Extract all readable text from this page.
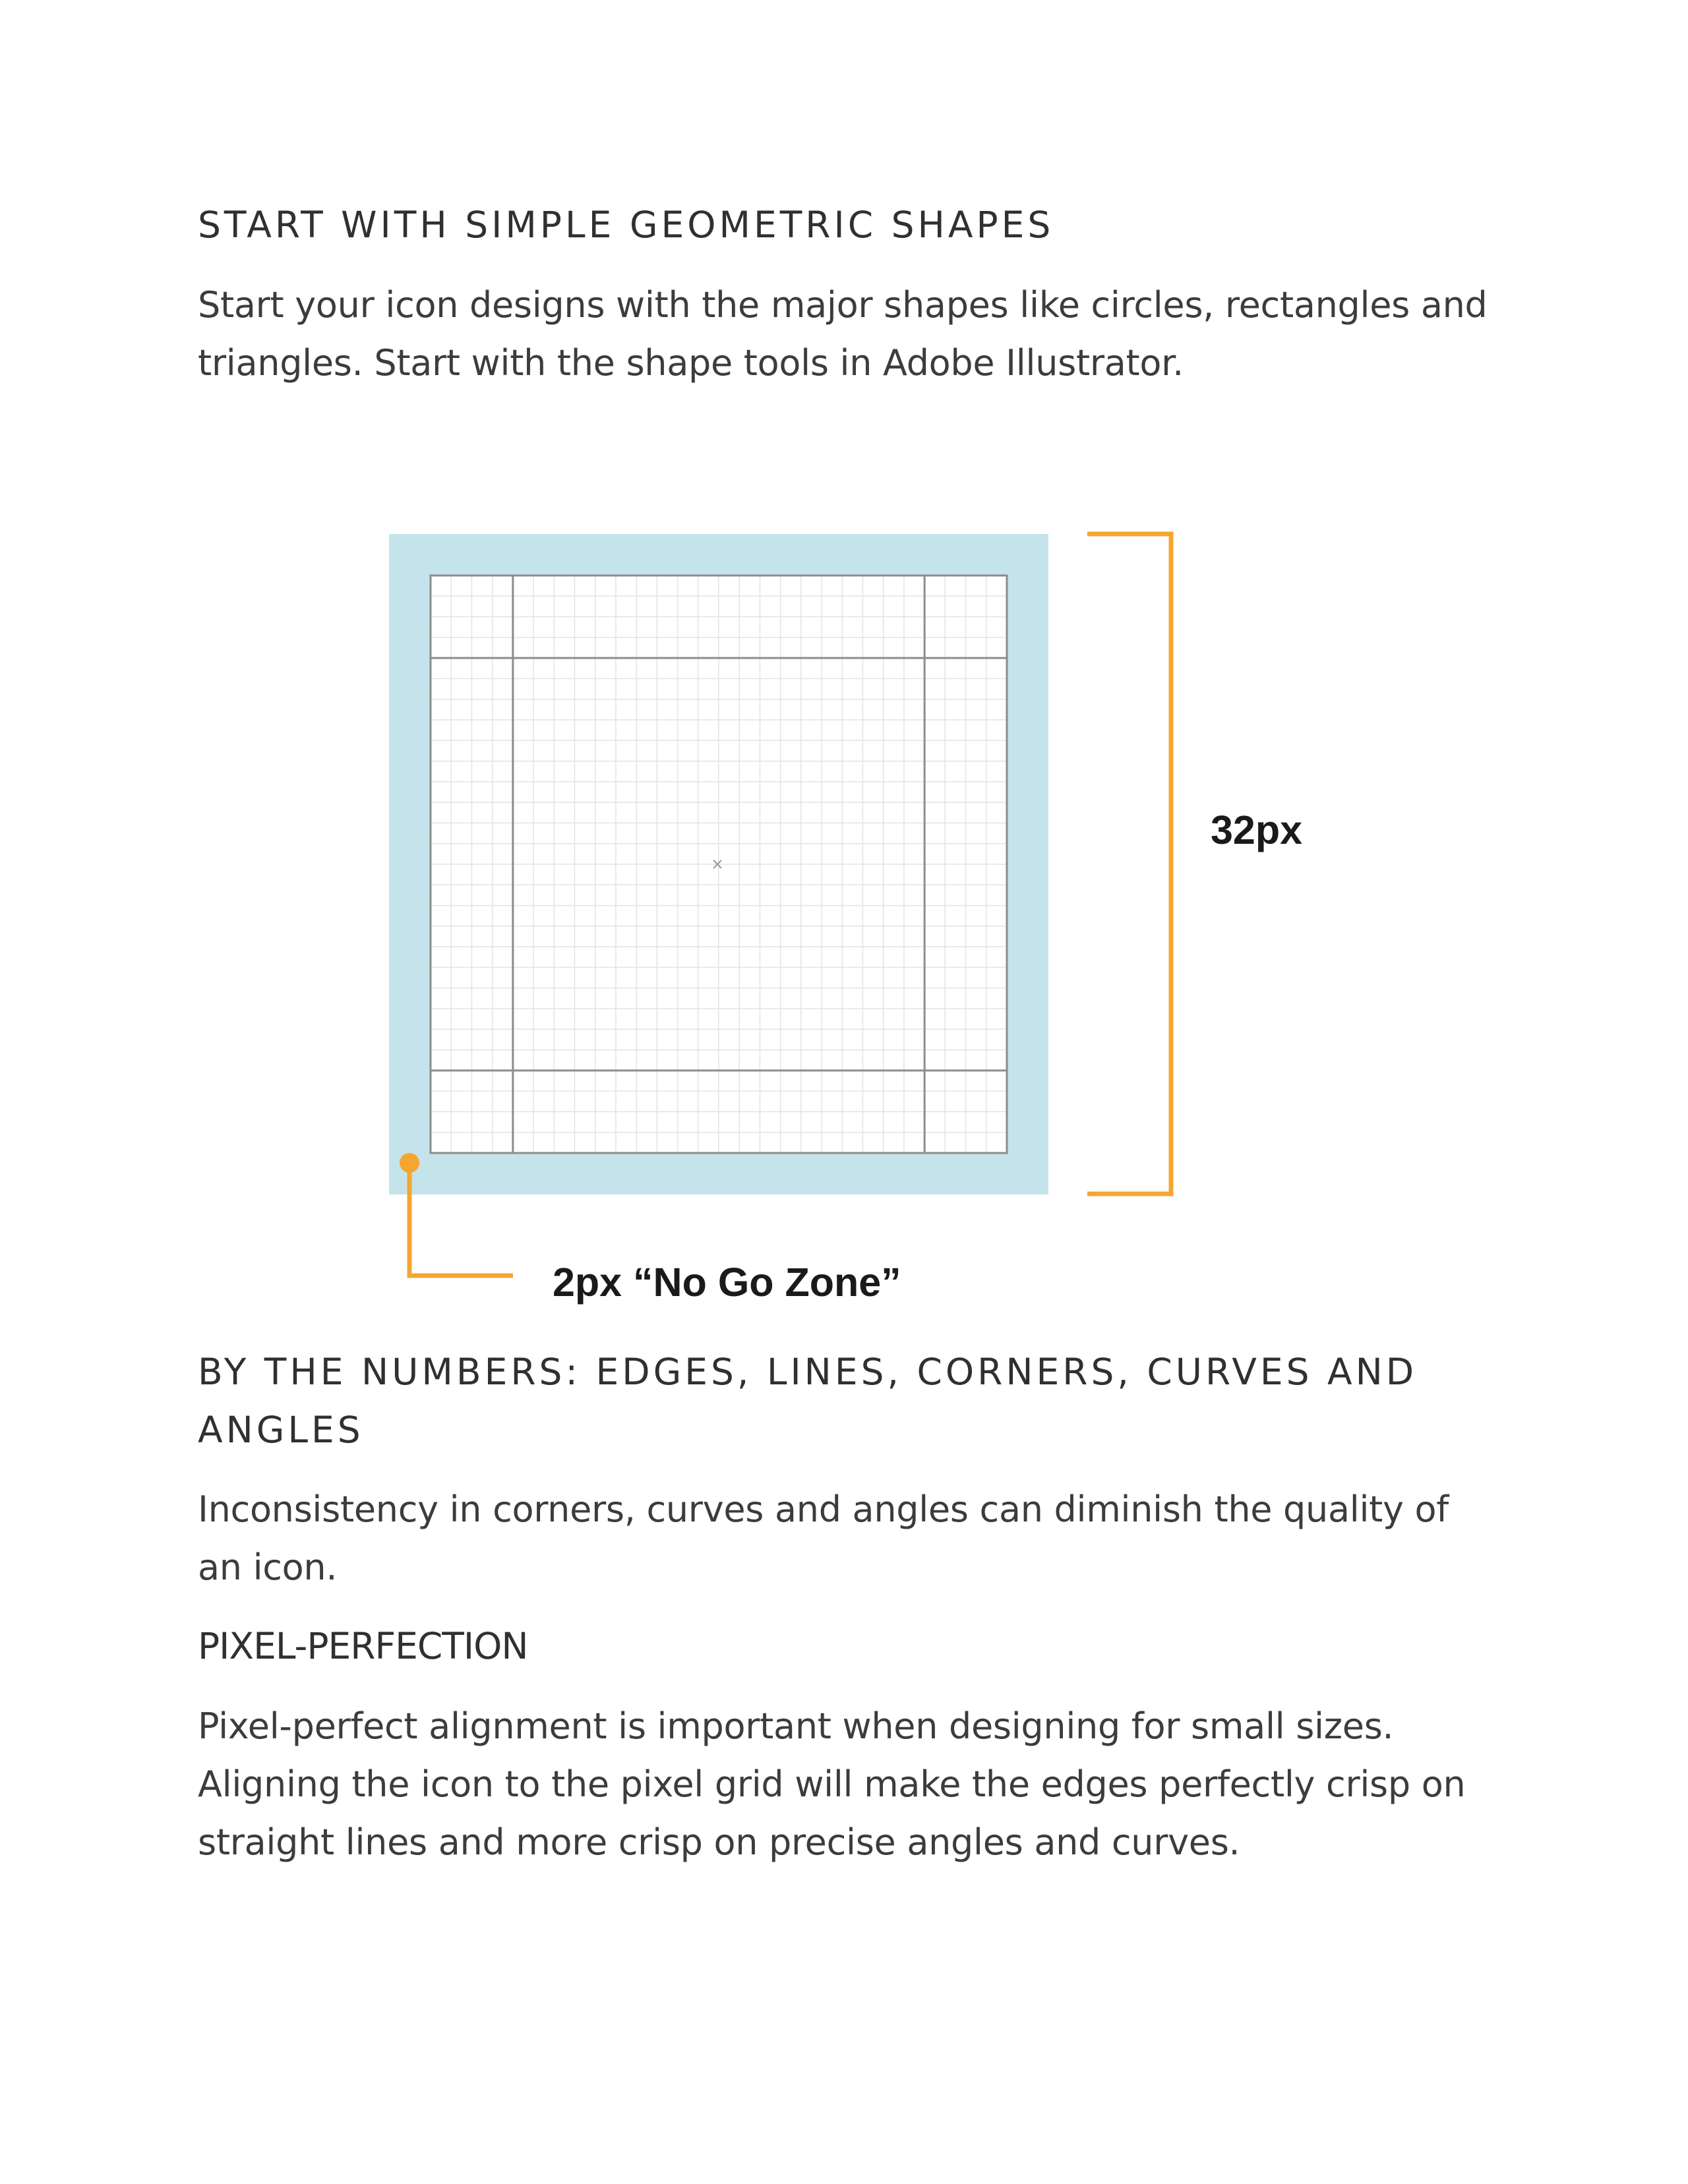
START WITH SIMPLE GEOMETRIC SHAPES

Start your icon designs with the major shapes like circles, rectangles and triangles. Start with the shape tools in Adobe Illustrator.

32px
2px “No Go Zone”
BY THE NUMBERS: EDGES, LINES, CORNERS, CURVES AND ANGLES

Inconsistency in corners, curves and angles can diminish the quality of an icon.

PIXEL-PERFECTION

Pixel-perfect alignment is important when designing for small sizes. Aligning the icon to the pixel grid will make the edges perfectly crisp on straight lines and more crisp on precise angles and curves.
